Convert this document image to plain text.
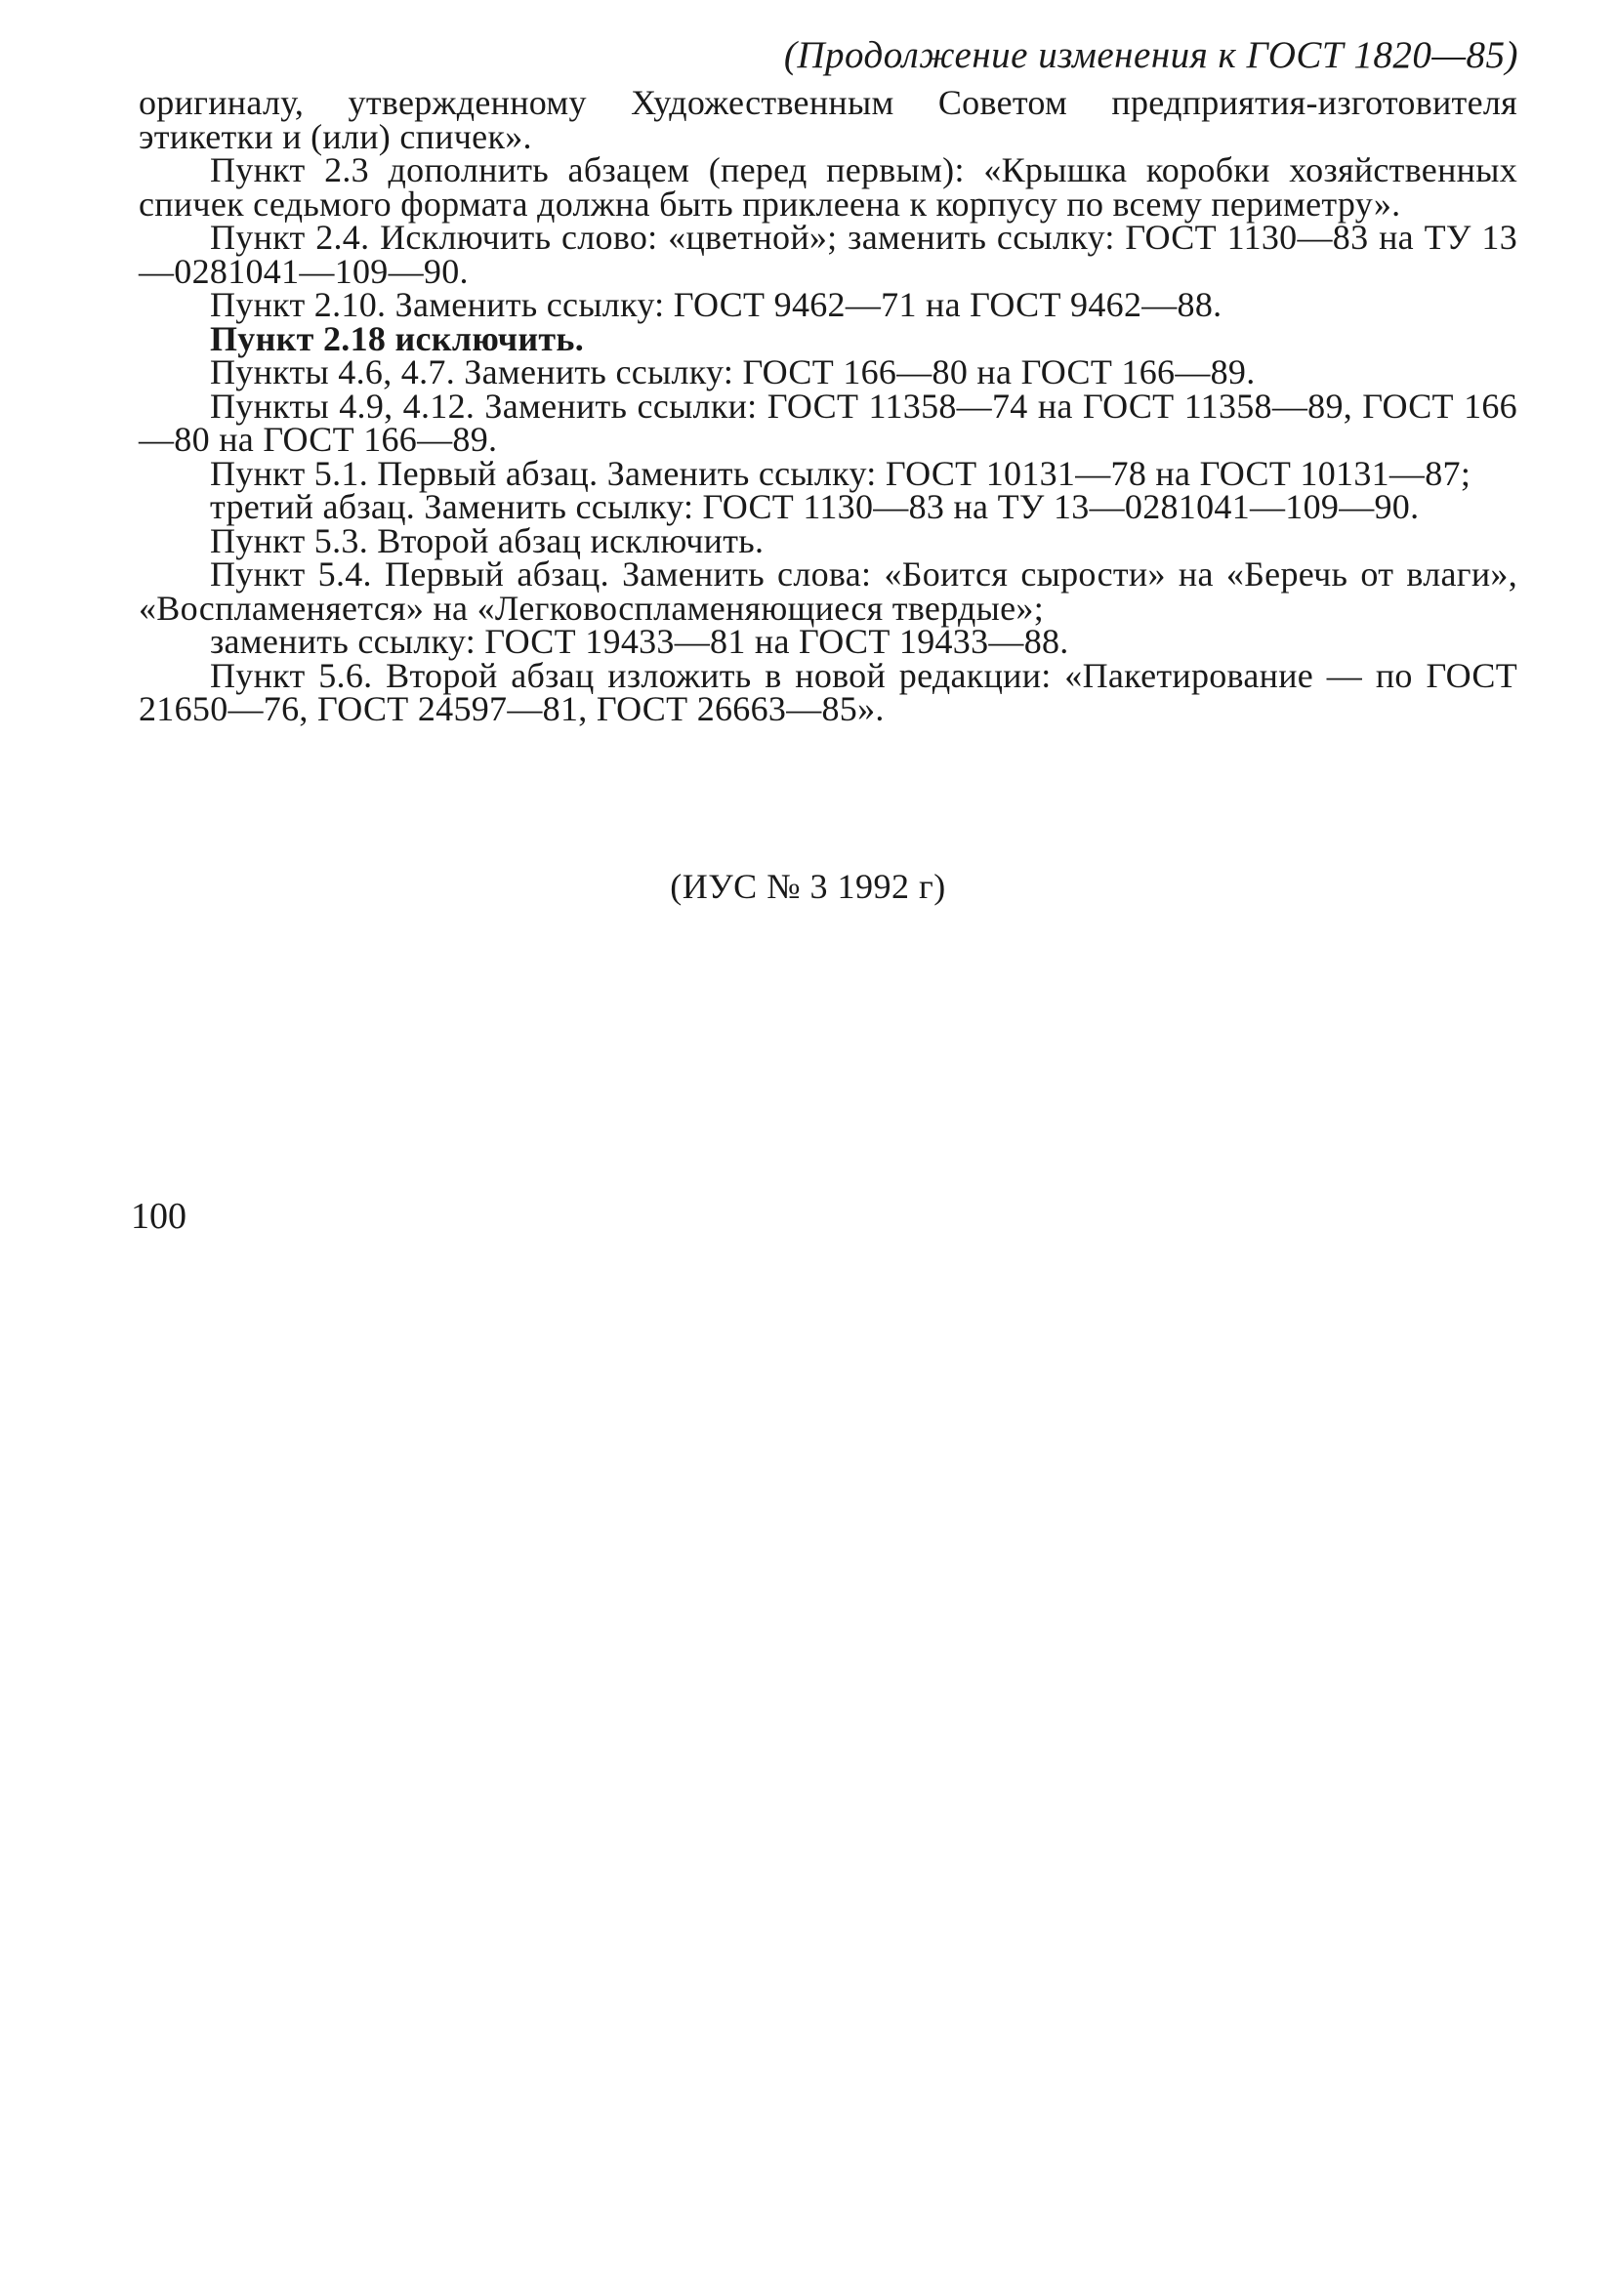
(Продолжение изменения к ГОСТ 1820—85)

оригиналу, утвержденному Художественным Советом предприятия-изготовителя этикетки и (или) спичек».

Пункт 2.3 дополнить абзацем (перед первым): «Крышка коробки хозяйственных спичек седьмого формата должна быть приклеена к корпусу по всему периметру».

Пункт 2.4. Исключить слово: «цветной»; заменить ссылку: ГОСТ 1130—83 на ТУ 13—0281041—109—90.

Пункт 2.10. Заменить ссылку: ГОСТ 9462—71 на ГОСТ 9462—88.

Пункт 2.18 исключить.

Пункты 4.6, 4.7. Заменить ссылку: ГОСТ 166—80 на ГОСТ 166—89.

Пункты 4.9, 4.12. Заменить ссылки: ГОСТ 11358—74 на ГОСТ 11358—89, ГОСТ 166—80 на ГОСТ 166—89.

Пункт 5.1. Первый абзац. Заменить ссылку: ГОСТ 10131—78 на ГОСТ 10131—87;

третий абзац. Заменить ссылку: ГОСТ 1130—83 на ТУ 13—0281041—109—90.

Пункт 5.3. Второй абзац исключить.

Пункт 5.4. Первый абзац. Заменить слова: «Боится сырости» на «Беречь от влаги», «Воспламеняется» на «Легковоспламеняющиеся твердые»;

заменить ссылку: ГОСТ 19433—81 на ГОСТ 19433—88.

Пункт 5.6. Второй абзац изложить в новой редакции: «Пакетирование — по ГОСТ 21650—76, ГОСТ 24597—81, ГОСТ 26663—85».

(ИУС № 3 1992 г)
100
